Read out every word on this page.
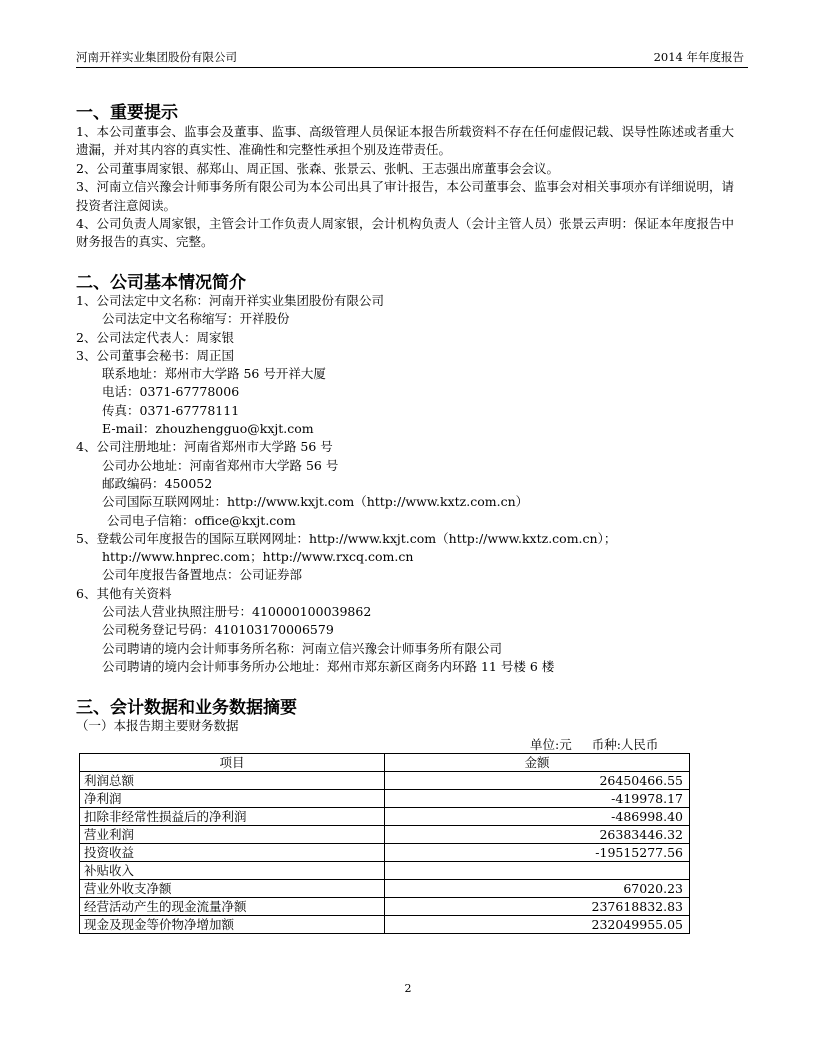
河南开祥实业集团股份有限公司	2014 年年度报告
一、重要提示
1、本公司董事会、监事会及董事、监事、高级管理人员保证本报告所载资料不存在任何虚假记载、误导性陈述或者重大遗漏，并对其内容的真实性、准确性和完整性承担个别及连带责任。
2、公司董事周家银、郝郑山、周正国、张森、张景云、张帆、王志强出席董事会会议。
3、河南立信兴豫会计师事务所有限公司为本公司出具了审计报告，本公司董事会、监事会对相关事项亦有详细说明，请投资者注意阅读。
4、公司负责人周家银，主管会计工作负责人周家银，会计机构负责人（会计主管人员）张景云声明：保证本年度报告中财务报告的真实、完整。
二、公司基本情况简介
1、公司法定中文名称：河南开祥实业集团股份有限公司
公司法定中文名称缩写：开祥股份
2、公司法定代表人：周家银
3、公司董事会秘书：周正国
联系地址：郑州市大学路 56 号开祥大厦
电话：0371-67778006
传真：0371-67778111
E-mail：zhouzhengguo@kxjt.com
4、公司注册地址：河南省郑州市大学路 56 号
公司办公地址：河南省郑州市大学路 56 号
邮政编码：450052
公司国际互联网网址：http://www.kxjt.com（http://www.kxtz.com.cn）
公司电子信箱：office@kxjt.com
5、登载公司年度报告的国际互联网网址：http://www.kxjt.com（http://www.kxtz.com.cn）；
http://www.hnprec.com；http://www.rxcq.com.cn
公司年度报告备置地点：公司证券部
6、其他有关资料
公司法人营业执照注册号：410000100039862
公司税务登记号码：410103170006579
公司聘请的境内会计师事务所名称：河南立信兴豫会计师事务所有限公司
公司聘请的境内会计师事务所办公地址：郑州市郑东新区商务内环路 11 号楼 6 楼
三、会计数据和业务数据摘要
（一）本报告期主要财务数据
单位:元 币种:人民币
项目	金额
利润总额	26450466.55
净利润	-419978.17
扣除非经常性损益后的净利润	-486998.40
营业利润	26383446.32
投资收益	-19515277.56
补贴收入	
营业外收支净额	67020.23
经营活动产生的现金流量净额	237618832.83
现金及现金等价物净增加额	232049955.05
2
